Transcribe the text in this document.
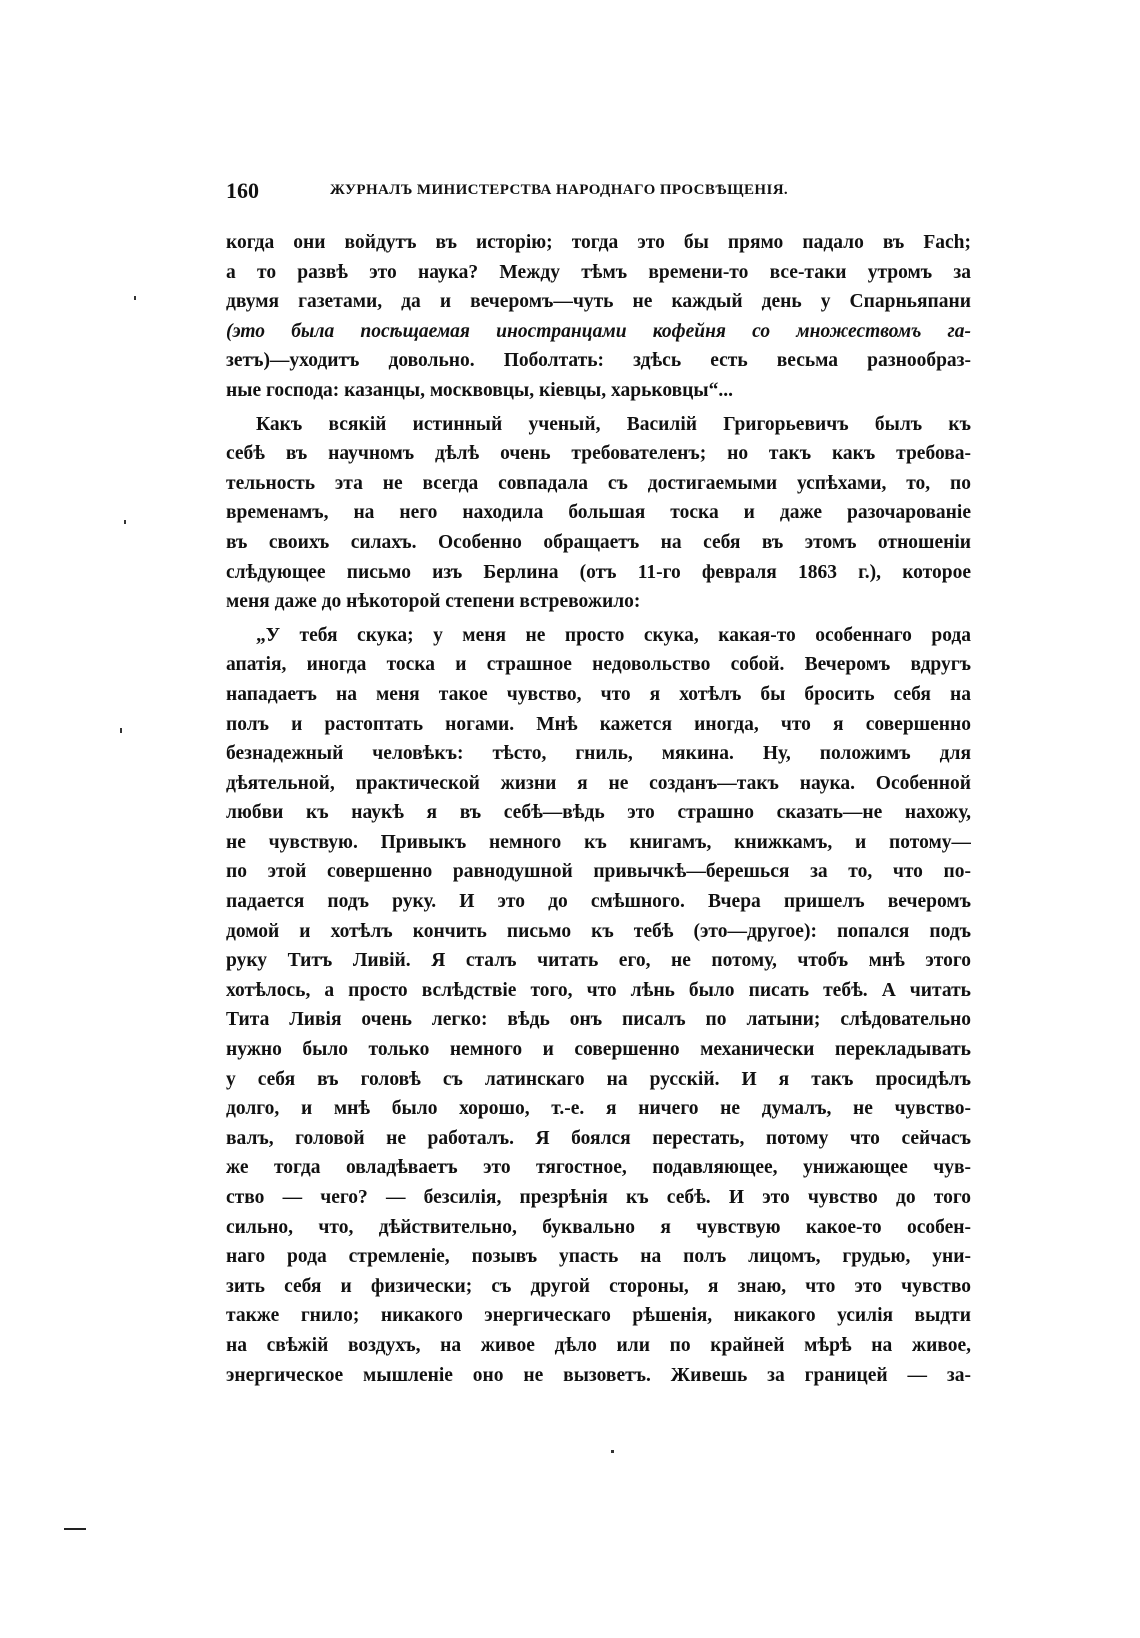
160	ЖУРНАЛЪ МИНИСТЕРСТВА НАРОДНАГО ПРОСВѢЩЕНІЯ.
когда они войдутъ въ исторію; тогда это бы прямо падало въ Fach;
а то развѣ это наука? Между тѣмъ времени-то все-таки утромъ за
двумя газетами, да и вечеромъ—чуть не каждый день у Спарньяпани
(это была посѣщаемая иностранцами кофейня со множествомъ га-
зетъ)—уходитъ довольно. Поболтать: здѣсь есть весьма разнообраз-
ные господа: казанцы, москвовцы, кіевцы, харьковцы“...
Какъ всякій истинный ученый, Василій Григорьевичъ былъ къ
себѣ въ научномъ дѣлѣ очень требователенъ; но такъ какъ требова-
тельность эта не всегда совпадала съ достигаемыми успѣхами, то, по
временамъ, на него находила большая тоска и даже разочарованіе
въ своихъ силахъ. Особенно обращаетъ на себя въ этомъ отношеніи
слѣдующее письмо изъ Берлина (отъ 11-го февраля 1863 г.), которое
меня даже до нѣкоторой степени встревожило:
„У тебя скука; у меня не просто скука, какая-то особеннаго рода
апатія, иногда тоска и страшное недовольство собой. Вечеромъ вдругъ
нападаетъ на меня такое чувство, что я хотѣлъ бы бросить себя на
полъ и растоптать ногами. Мнѣ кажется иногда, что я совершенно
безнадежный человѣкъ: тѣсто, гниль, мякина. Ну, положимъ для
дѣятельной, практической жизни я не созданъ—такъ наука. Особенной
любви къ наукѣ я въ себѣ—вѣдь это страшно сказать—не нахожу,
не чувствую. Привыкъ немного къ книгамъ, книжкамъ, и потому—
по этой совершенно равнодушной привычкѣ—берешься за то, что по-
падается подъ руку. И это до смѣшного. Вчера пришелъ вечеромъ
домой и хотѣлъ кончить письмо къ тебѣ (это—другое): попался подъ
руку Титъ Ливій. Я сталъ читать его, не потому, чтобъ мнѣ этого
хотѣлось, а просто вслѣдствіе того, что лѣнь было писать тебѣ. А читать
Тита Ливія очень легко: вѣдь онъ писалъ по латыни; слѣдовательно
нужно было только немного и совершенно механически перекладывать
у себя въ головѣ съ латинскаго на русскій. И я такъ просидѣлъ
долго, и мнѣ было хорошо, т.-е. я ничего не думалъ, не чувство-
валъ, головой не работалъ. Я боялся перестать, потому что сейчасъ
же тогда овладѣваетъ это тягостное, подавляющее, унижающее чув-
ство — чего? — безсилія, презрѣнія къ себѣ. И это чувство до того
сильно, что, дѣйствительно, буквально я чувствую какое-то особен-
наго рода стремленіе, позывъ упасть на полъ лицомъ, грудью, уни-
зить себя и физически; съ другой стороны, я знаю, что это чувство
также гнило; никакого энергическаго рѣшенія, никакого усилія выдти
на свѣжій воздухъ, на живое дѣло или по крайней мѣрѣ на живое,
энергическое мышленіе оно не вызоветъ. Живешь за границей — за-
